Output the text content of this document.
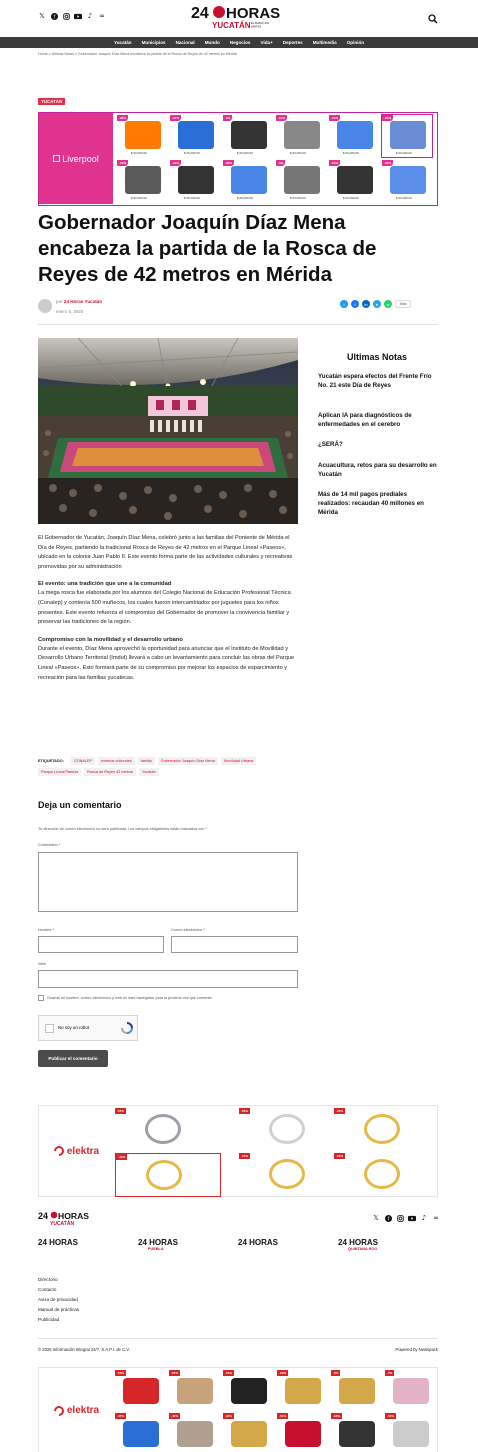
𝕏 f	♪ ∞	24 HORAS
YUCATÁN EL DIARIO SIN
LÍMITES
Yucatán Municipios Nacional Mundo Negocios Vida+ Deportes Multimedia Opinión
Home » Últimas Notas » Gobernador Joaquín Díaz Mena encabeza la partida de la Rosca de Reyes de 42 metros en Mérida
YUCATÁN
Liverpool
-20%
$ 00,000.00
-12%
$ 00,000.00
-5%
$ 00,000.00
-10%
$ 00,000.00
-15%
$ 00,000.00
-10%
$ 00,000.00
-15%
$ 00,000.00
-10%
$ 00,000.00
-20%
$ 00,000.00
-6%
$ 00,000.00
-15%
$ 00,000.00
-10%
$ 00,000.00
Gobernador Joaquín Díaz Mena encabeza la partida de la Rosca de Reyes de 42 metros en Mérida
por 24 Horas Yucatán
enero 5, 2025
t	f	in	➤	w	Más

El Gobernador de Yucatán, Joaquín Díaz Mena, celebró junto a las familias del Poniente de Mérida el Día de Reyes, partiendo la tradicional Rosca de Reyes de 42 metros en el Parque Lineal «Paseos», ubicado en la colonia Juan Pablo II. Este evento forma parte de las actividades culturales y recreativas promovidas por su administración

El evento: una tradición que une a la comunidad

La mega rosca fue elaborada por los alumnos del Colegio Nacional de Educación Profesional Técnica (Conalep) y contenía 500 muñecos, los cuales fueron intercambiados por juguetes para los niños presentes. Este evento refuerza el compromiso del Gobernador de promover la convivencia familiar y preservar las tradiciones de la región.

Compromiso con la movilidad y el desarrollo urbano

Durante el evento, Díaz Mena aprovechó la oportunidad para anunciar que el Instituto de Movilidad y Desarrollo Urbano Territorial (Imdut) llevará a cabo un levantamiento para concluir las obras del Parque Lineal «Paseos». Esto formará parte de su compromiso por mejorar los espacios de esparcimiento y recreación para las familias yucatecas.

ETIQUETADO:	CONALEP	eventos culturales	familia	Gobernador Joaquín Díaz Mena	Movilidad Urbana
Parque Lineal Paseos	Rosca de Reyes 42 metros	Yucatán
Deja un comentario
Tu dirección de correo electrónico no será publicada. Los campos obligatorios están marcados con *
Comentario *
Nombre *	Correo electrónico *
Web
Guarda mi nombre, correo electrónico y web en este navegador para la próxima vez que comente.
No soy un robot
Publicar el comentario
Ultimas Notas
Yucatán espera efectos del Frente Frío No. 21 este Día de Reyes
Aplican IA para diagnósticos de enfermedades en el cerebro
¿SERÁ?
Acuacultura, retos para su desarrollo en Yucatán
Más de 14 mil pagos prediales realizados: recaudan 40 millones en Mérida
elektra
-15%	-53%	-15%
-40%	-15%	-15%
24 HORAS
YUCATÁN
𝕏 f	♪ ∞
24 HORAS	24 HORAS
PUEBLA
24 HORAS	24 HORAS
QUINTANA ROO
Directorio
Contacto
Aviso de privacidad
Manual de prácticas
Publicidad
© 2025 Información Integral 24/7, S.A.P.I. de C.V.	Powered by Newspack
elektra
-15%	-67%	-15%	-29%	-5%	-7%
-47%	-40%	-10%	-54%	-18%	-50%
